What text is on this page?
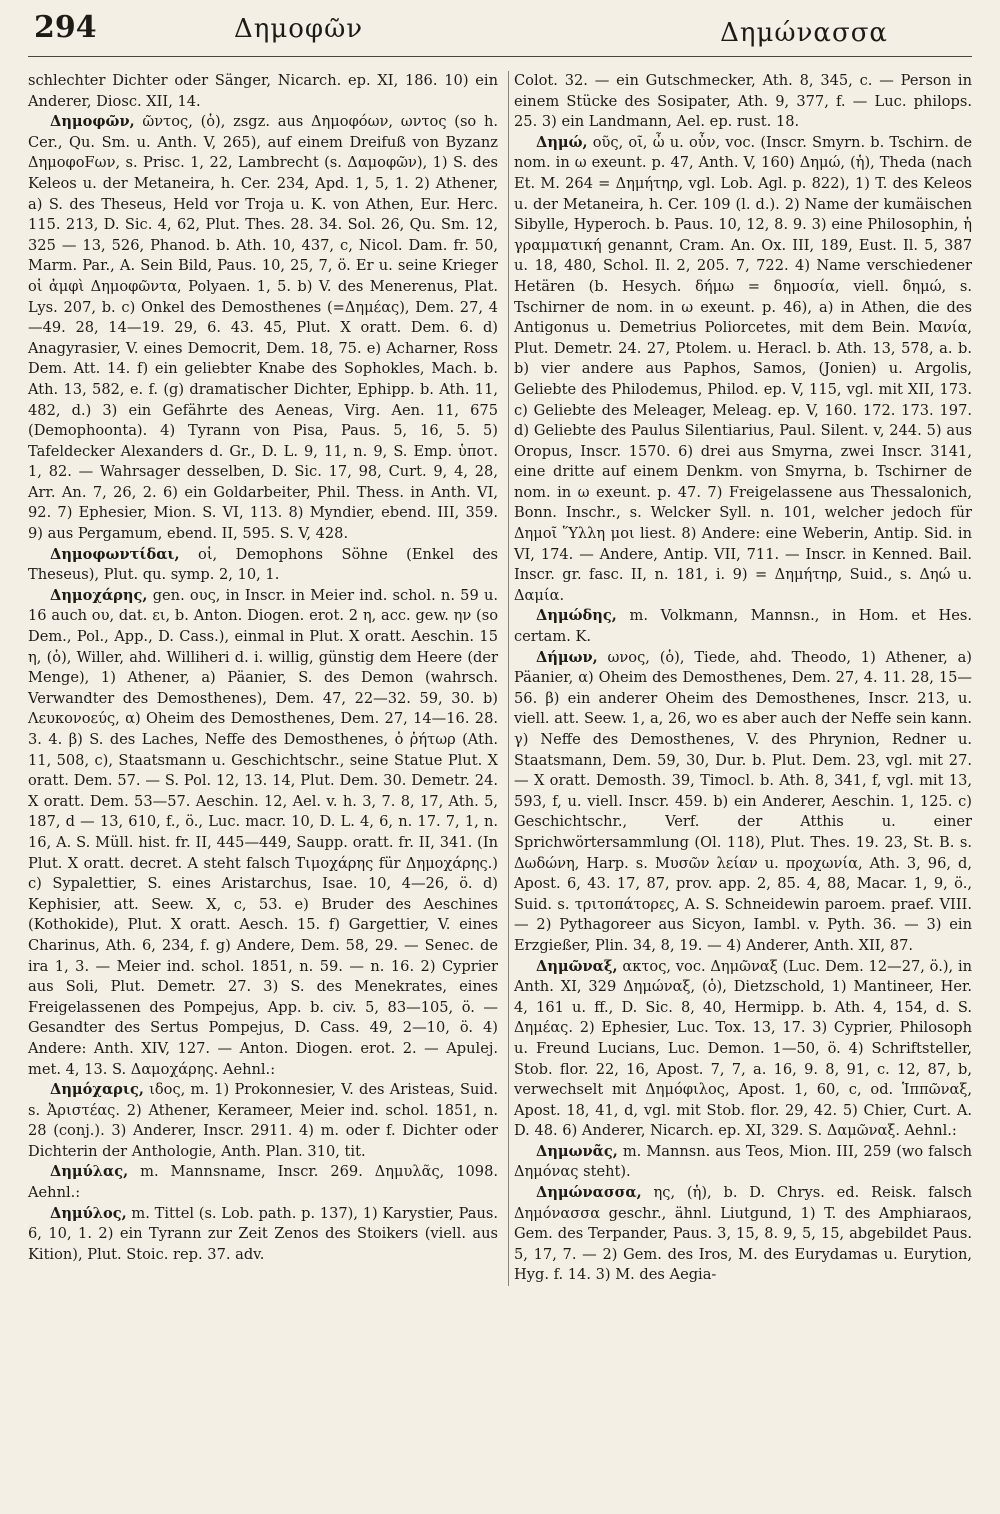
294	Δημοφῶν	Δημώνασσα

schlechter Dichter oder Sänger, Nicarch. ep. XI, 186. 10) ein Anderer, Diosc. XII, 14.

Δημοφῶν, ῶντος, (ὁ), zsgz. aus Δημοφόων, ωντος (so h. Cer., Qu. Sm. u. Anth. V, 265), auf einem Dreifuß von Byzanz ΔημοφοFων, s. Prisc. 1, 22, Lambrecht (s. Δαμοφῶν), 1) S. des Keleos u. der Metaneira, h. Cer. 234, Apd. 1, 5, 1. 2) Athener, a) S. des Theseus, Held vor Troja u. K. von Athen, Eur. Herc. 115. 213, D. Sic. 4, 62, Plut. Thes. 28. 34. Sol. 26, Qu. Sm. 12, 325 — 13, 526, Phanod. b. Ath. 10, 437, c, Nicol. Dam. fr. 50, Marm. Par., A. Sein Bild, Paus. 10, 25, 7, ö. Er u. seine Krieger οἱ ἀμφὶ Δημοφῶντα, Polyaen. 1, 5. b) V. des Menerenus, Plat. Lys. 207, b. c) Onkel des Demosthenes (=Δημέας), Dem. 27, 4—49. 28, 14—19. 29, 6. 43. 45, Plut. X oratt. Dem. 6. d) Anagyrasier, V. eines Democrit, Dem. 18, 75. e) Acharner, Ross Dem. Att. 14. f) ein geliebter Knabe des Sophokles, Mach. b. Ath. 13, 582, e. f. (g) dramatischer Dichter, Ephipp. b. Ath. 11, 482, d.) 3) ein Gefährte des Aeneas, Virg. Aen. 11, 675 (Demophoonta). 4) Tyrann von Pisa, Paus. 5, 16, 5. 5) Tafeldecker Alexanders d. Gr., D. L. 9, 11, n. 9, S. Emp. ὑποτ. 1, 82. — Wahrsager desselben, D. Sic. 17, 98, Curt. 9, 4, 28, Arr. An. 7, 26, 2. 6) ein Goldarbeiter, Phil. Thess. in Anth. VI, 92. 7) Ephesier, Mion. S. VI, 113. 8) Myndier, ebend. III, 359. 9) aus Pergamum, ebend. II, 595. S. V, 428.

Δημοφωντίδαι, οἱ, Demophons Söhne (Enkel des Theseus), Plut. qu. symp. 2, 10, 1.

Δημοχάρης, gen. ους, in Inscr. in Meier ind. schol. n. 59 u. 16 auch ου, dat. ει, b. Anton. Diogen. erot. 2 η, acc. gew. ην (so Dem., Pol., App., D. Cass.), einmal in Plut. X oratt. Aeschin. 15 η, (ὁ), Willer, ahd. Williheri d. i. willig, günstig dem Heere (der Menge), 1) Athener, a) Päanier, S. des Demon (wahrsch. Verwandter des Demosthenes), Dem. 47, 22—32. 59, 30. b) Λευκονοεύς, α) Oheim des Demosthenes, Dem. 27, 14—16. 28. 3. 4. β) S. des Laches, Neffe des Demosthenes, ὁ ῥήτωρ (Ath. 11, 508, c), Staatsmann u. Geschichtschr., seine Statue Plut. X oratt. Dem. 57. — S. Pol. 12, 13. 14, Plut. Dem. 30. Demetr. 24. X oratt. Dem. 53—57. Aeschin. 12, Ael. v. h. 3, 7. 8, 17, Ath. 5, 187, d — 13, 610, f., ö., Luc. macr. 10, D. L. 4, 6, n. 17. 7, 1, n. 16, A. S. Müll. hist. fr. II, 445—449, Saupp. oratt. fr. II, 341. (In Plut. X oratt. decret. A steht falsch Τιμοχάρης für Δημοχάρης.) c) Sypalettier, S. eines Aristarchus, Isae. 10, 4—26, ö. d) Kephisier, att. Seew. X, c, 53. e) Bruder des Aeschines (Kothokide), Plut. X oratt. Aesch. 15. f) Gargettier, V. eines Charinus, Ath. 6, 234, f. g) Andere, Dem. 58, 29. — Senec. de ira 1, 3. — Meier ind. schol. 1851, n. 59. — n. 16. 2) Cyprier aus Soli, Plut. Demetr. 27. 3) S. des Menekrates, eines Freigelassenen des Pompejus, App. b. civ. 5, 83—105, ö. — Gesandter des Sertus Pompejus, D. Cass. 49, 2—10, ö. 4) Andere: Anth. XIV, 127. — Anton. Diogen. erot. 2. — Apulej. met. 4, 13. S. Δαμοχάρης. Aehnl.:

Δημόχαρις, ιδος, m. 1) Prokonnesier, V. des Aristeas, Suid. s. Ἀριστέας. 2) Athener, Kerameer, Meier ind. schol. 1851, n. 28 (conj.). 3) Anderer, Inscr. 2911. 4) m. oder f. Dichter oder Dichterin der Anthologie, Anth. Plan. 310, tit.

Δημύλας, m. Mannsname, Inscr. 269. Δημυλᾶς, 1098. Aehnl.:

Δημύλος, m. Tittel (s. Lob. path. p. 137), 1) Karystier, Paus. 6, 10, 1. 2) ein Tyrann zur Zeit Zenos des Stoikers (viell. aus Kition), Plut. Stoic. rep. 37. adv.

Colot. 32. — ein Gutschmecker, Ath. 8, 345, c. — Person in einem Stücke des Sosipater, Ath. 9, 377, f. — Luc. philops. 25. 3) ein Landmann, Ael. ep. rust. 18.

Δημώ, οῦς, οῖ, ὦ u. οὖν, voc. (Inscr. Smyrn. b. Tschirn. de nom. in ω exeunt. p. 47, Anth. V, 160) Δημώ, (ἡ), Theda (nach Et. M. 264 = Δημήτηρ, vgl. Lob. Agl. p. 822), 1) T. des Keleos u. der Metaneira, h. Cer. 109 (l. d.). 2) Name der kumäischen Sibylle, Hyperoch. b. Paus. 10, 12, 8. 9. 3) eine Philosophin, ἡ γραμματική genannt, Cram. An. Ox. III, 189, Eust. Il. 5, 387 u. 18, 480, Schol. Il. 2, 205. 7, 722. 4) Name verschiedener Hetären (b. Hesych. δήμω = δημοσία, viell. δημώ, s. Tschirner de nom. in ω exeunt. p. 46), a) in Athen, die des Antigonus u. Demetrius Poliorcetes, mit dem Bein. Μανία, Plut. Demetr. 24. 27, Ptolem. u. Heracl. b. Ath. 13, 578, a. b. b) vier andere aus Paphos, Samos, (Jonien) u. Argolis, Geliebte des Philodemus, Philod. ep. V, 115, vgl. mit XII, 173. c) Geliebte des Meleager, Meleag. ep. V, 160. 172. 173. 197. d) Geliebte des Paulus Silentiarius, Paul. Silent. v, 244. 5) aus Oropus, Inscr. 1570. 6) drei aus Smyrna, zwei Inscr. 3141, eine dritte auf einem Denkm. von Smyrna, b. Tschirner de nom. in ω exeunt. p. 47. 7) Freigelassene aus Thessalonich, Bonn. Inschr., s. Welcker Syll. n. 101, welcher jedoch für Δημοῖ Ὕλλη μοι liest. 8) Andere: eine Weberin, Antip. Sid. in VI, 174. — Andere, Antip. VII, 711. — Inscr. in Kenned. Bail. Inscr. gr. fasc. II, n. 181, i. 9) = Δημήτηρ, Suid., s. Δηώ u. Δαμία.

Δημώδης, m. Volkmann, Mannsn., in Hom. et Hes. certam. K.

Δήμων, ωνος, (ὁ), Tiede, ahd. Theodo, 1) Athener, a) Päanier, α) Oheim des Demosthenes, Dem. 27, 4. 11. 28, 15—56. β) ein anderer Oheim des Demosthenes, Inscr. 213, u. viell. att. Seew. 1, a, 26, wo es aber auch der Neffe sein kann. γ) Neffe des Demosthenes, V. des Phrynion, Redner u. Staatsmann, Dem. 59, 30, Dur. b. Plut. Dem. 23, vgl. mit 27. — X oratt. Demosth. 39, Timocl. b. Ath. 8, 341, f, vgl. mit 13, 593, f, u. viell. Inscr. 459. b) ein Anderer, Aeschin. 1, 125. c) Geschichtschr., Verf. der Atthis u. einer Sprichwörtersammlung (Ol. 118), Plut. Thes. 19. 23, St. B. s. Δωδώνη, Harp. s. Μυσῶν λείαν u. προχωνία, Ath. 3, 96, d, Apost. 6, 43. 17, 87, prov. app. 2, 85. 4, 88, Macar. 1, 9, ö., Suid. s. τριτοπάτορες, A. S. Schneidewin paroem. praef. VIII. — 2) Pythagoreer aus Sicyon, Iambl. v. Pyth. 36. — 3) ein Erzgießer, Plin. 34, 8, 19. — 4) Anderer, Anth. XII, 87.

Δημῶναξ, ακτος, voc. Δημῶναξ (Luc. Dem. 12—27, ö.), in Anth. XI, 329 Δημώναξ, (ὁ), Dietzschold, 1) Mantineer, Her. 4, 161 u. ff., D. Sic. 8, 40, Hermipp. b. Ath. 4, 154, d. S. Δημέας. 2) Ephesier, Luc. Tox. 13, 17. 3) Cyprier, Philosoph u. Freund Lucians, Luc. Demon. 1—50, ö. 4) Schriftsteller, Stob. flor. 22, 16, Apost. 7, 7, a. 16, 9. 8, 91, c. 12, 87, b, verwechselt mit Δημόφιλος, Apost. 1, 60, c, od. Ἱππῶναξ, Apost. 18, 41, d, vgl. mit Stob. flor. 29, 42. 5) Chier, Curt. A. D. 48. 6) Anderer, Nicarch. ep. XI, 329. S. Δαμῶναξ. Aehnl.:

Δημωνᾶς, m. Mannsn. aus Teos, Mion. III, 259 (wo falsch Δημόνας steht).

Δημώνασσα, ης, (ἡ), b. D. Chrys. ed. Reisk. falsch Δημόνασσα geschr., ähnl. Liutgund, 1) T. des Amphiaraos, Gem. des Terpander, Paus. 3, 15, 8. 9, 5, 15, abgebildet Paus. 5, 17, 7. — 2) Gem. des Iros, M. des Eurydamas u. Eurytion, Hyg. f. 14. 3) M. des Aegia-
